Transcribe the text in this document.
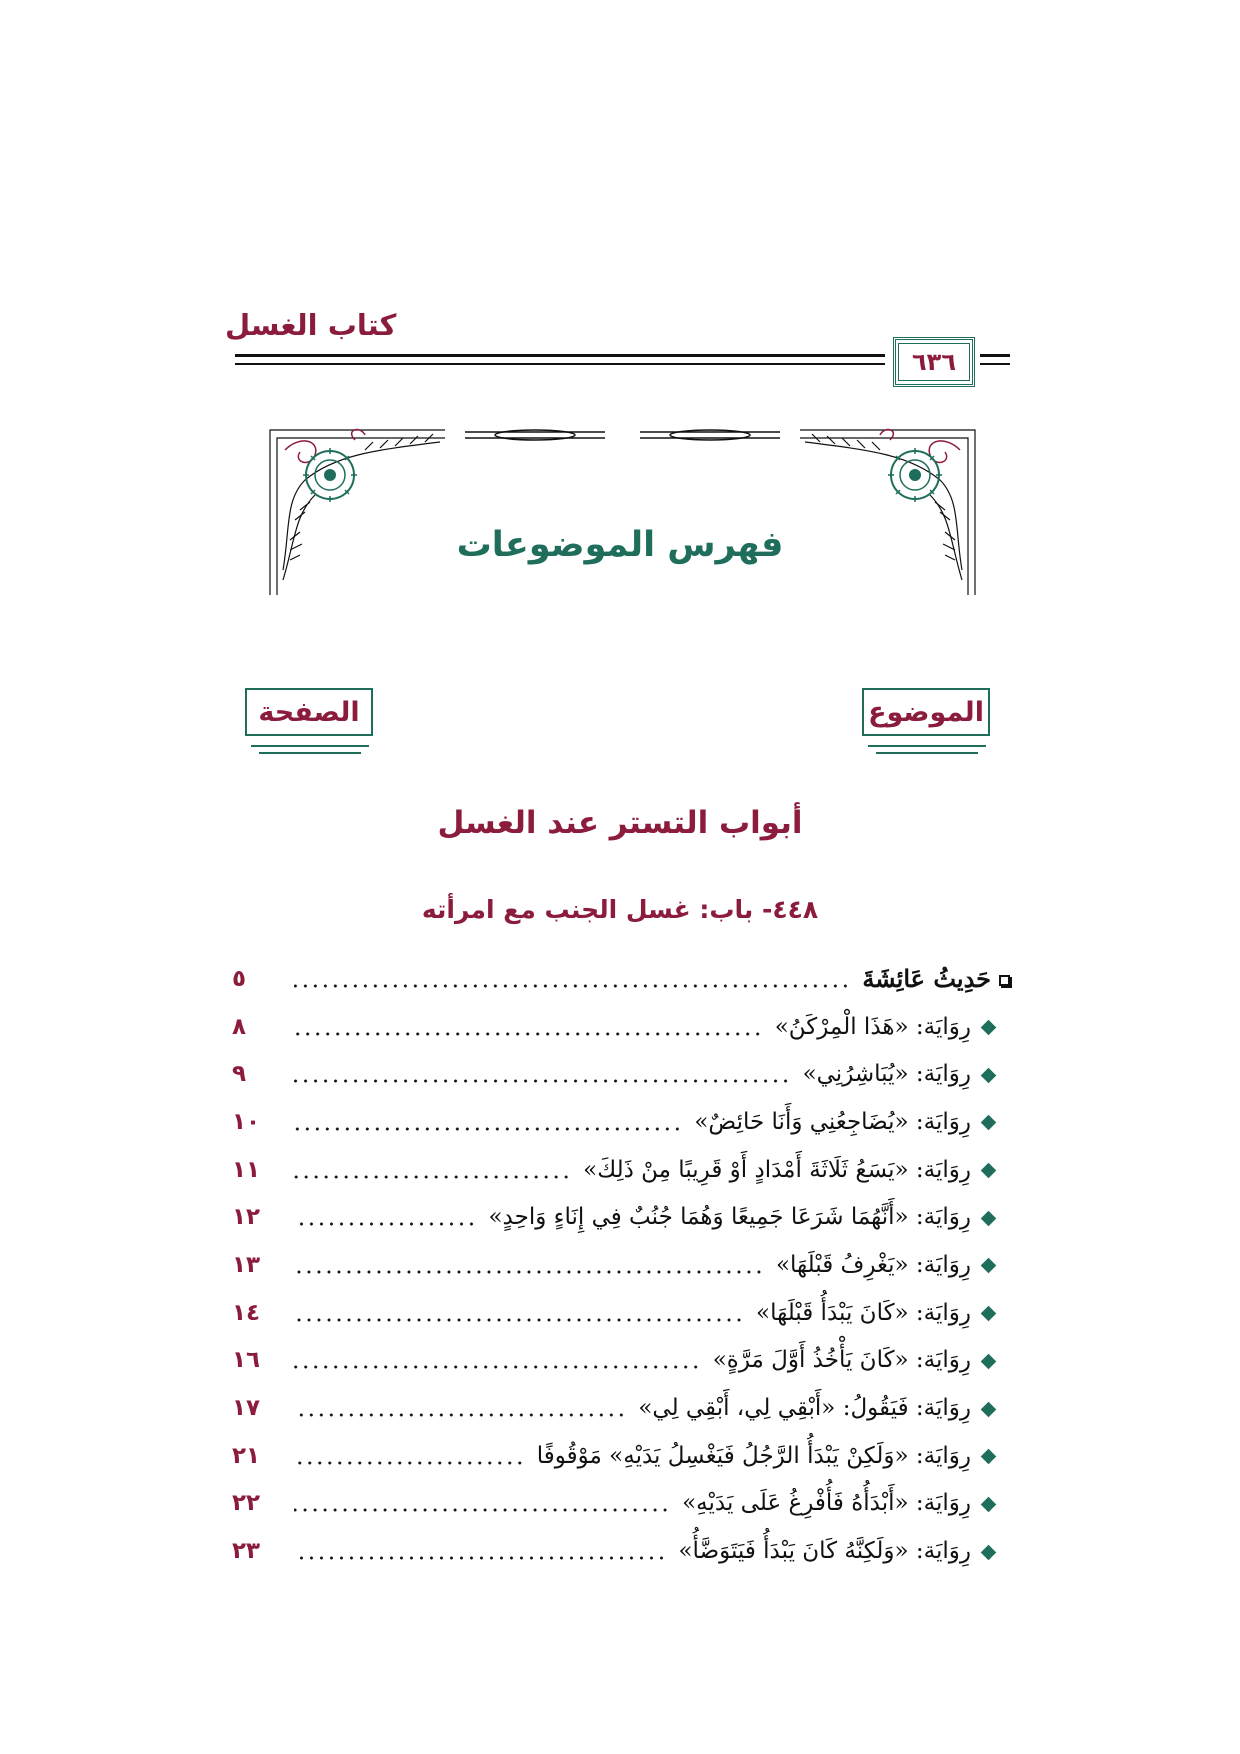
كتاب الغسل
٦٣٦
فهرس الموضوعات
الموضوع
الصفحة
أبواب التستر عند الغسل
٤٤٨- باب: غسل الجنب مع امرأته
حَدِيثُ عَائِشَةَ
٥
رِوَايَة: «هَذَا الْمِرْكَنُ»
٨
رِوَايَة: «يُبَاشِرُنِي»
٩
رِوَايَة: «يُضَاجِعُنِي وَأَنَا حَائِضٌ»
١٠
رِوَايَة: «يَسَعُ ثَلَاثَةَ أَمْدَادٍ أَوْ قَرِيبًا مِنْ ذَلِكَ»
١١
رِوَايَة: «أَنَّهُمَا شَرَعَا جَمِيعًا وَهُمَا جُنُبٌ فِي إِنَاءٍ وَاحِدٍ»
١٢
رِوَايَة: «يَغْرِفُ قَبْلَهَا»
١٣
رِوَايَة: «كَانَ يَبْدَأُ قَبْلَهَا»
١٤
رِوَايَة: «كَانَ يَأْخُذُ أَوَّلَ مَرَّةٍ»
١٦
رِوَايَة: فَيَقُولُ: «أَبْقِي لِي، أَبْقِي لِي»
١٧
رِوَايَة: «وَلَكِنْ يَبْدَأُ الرَّجُلُ فَيَغْسِلُ يَدَيْهِ» مَوْقُوفًا
٢١
رِوَايَة: «أَبْدَأُهُ فَأُفْرِغُ عَلَى يَدَيْهِ»
٢٢
رِوَايَة: «وَلَكِنَّهُ كَانَ يَبْدَأُ فَيَتَوَضَّأُ»
٢٣
